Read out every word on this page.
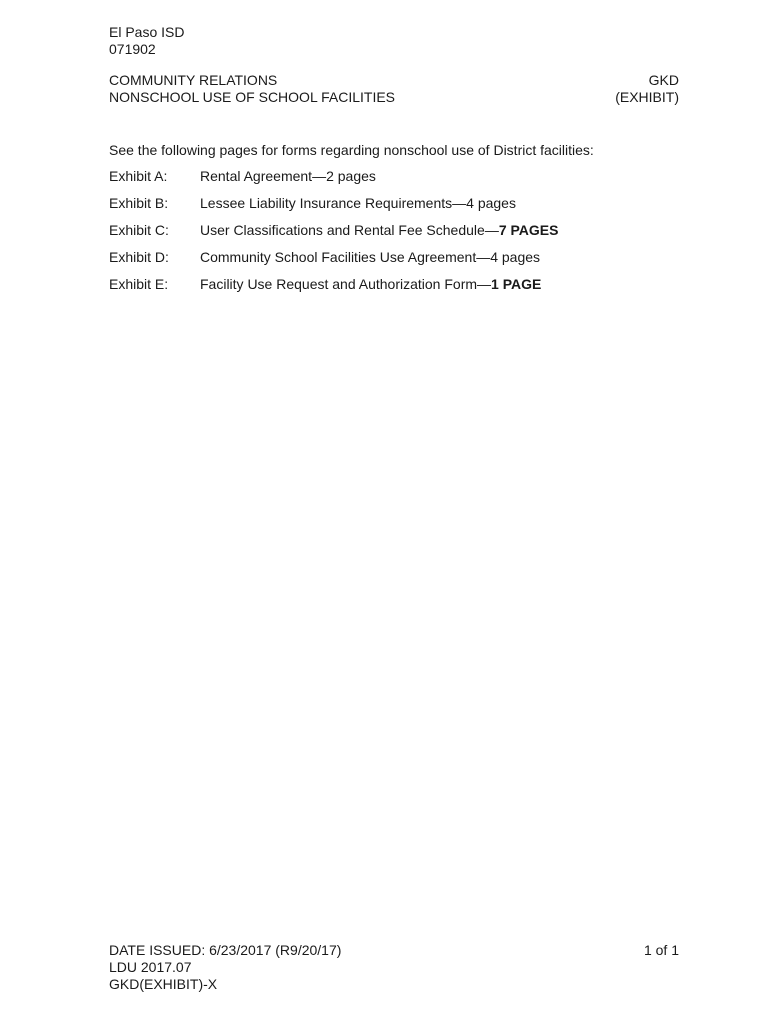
El Paso ISD
071902
COMMUNITY RELATIONS
NONSCHOOL USE OF SCHOOL FACILITIES
GKD
(EXHIBIT)
See the following pages for forms regarding nonschool use of District facilities:
Exhibit A:	Rental Agreement—2 pages
Exhibit B:	Lessee Liability Insurance Requirements—4 pages
Exhibit C:	User Classifications and Rental Fee Schedule—7 PAGES
Exhibit D:	Community School Facilities Use Agreement—4 pages
Exhibit E:	Facility Use Request and Authorization Form—1 PAGE
DATE ISSUED: 6/23/2017 (R9/20/17)
LDU 2017.07
GKD(EXHIBIT)-X
1 of 1
